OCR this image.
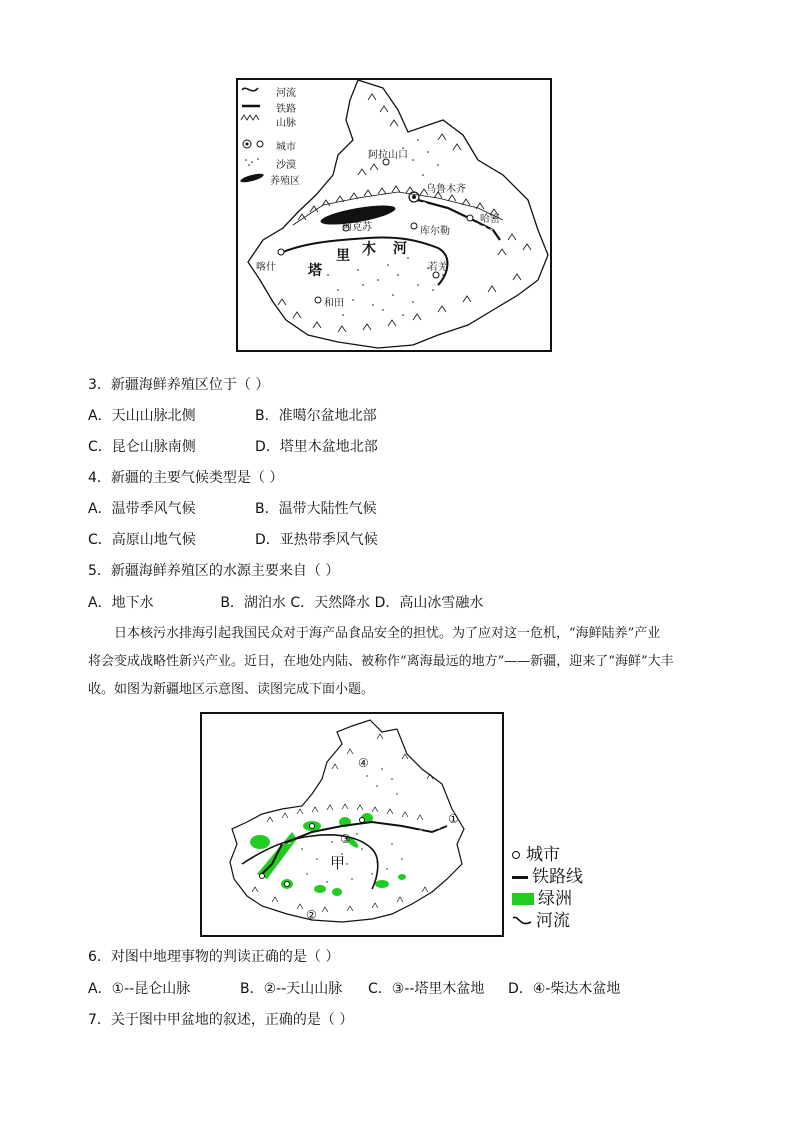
河流
铁路
山脉
城市
沙漠
养殖区
阿拉山口
乌鲁木齐
哈密
阿克苏	库尔勒
喀什	若羌
和田
塔
里 木 河
3．新疆海鲜养殖区位于（ ）
A．天山山脉北侧	B．准噶尔盆地北部
C．昆仑山脉南侧	D．塔里木盆地北部
4．新疆的主要气候类型是（ ）
A．温带季风气候	B．温带大陆性气候
C．高原山地气候	D．亚热带季风气候
5．新疆海鲜养殖区的水源主要来自（ ）
A．地下水               B．湖泊水 C．天然降水 D．高山冰雪融水

日本核污水排海引起我国民众对于海产品食品安全的担忧。为了应对这一危机，“海鲜陆养”产业

将会变成战略性新兴产业。近日，在地处内陆、被称作“离海最远的地方”——新疆，迎来了“海鲜”大丰

收。如图为新疆地区示意图、读图完成下面小题。

①
②
③
④
甲	城市
铁路线
绿洲
河流
6．对图中地理事物的判读正确的是（ ）
A．①--昆仑山脉	B．②--天山山脉 C．③--塔里木盆地 D．④-柴达木盆地
7．关于图中甲盆地的叙述，正确的是（ ）
